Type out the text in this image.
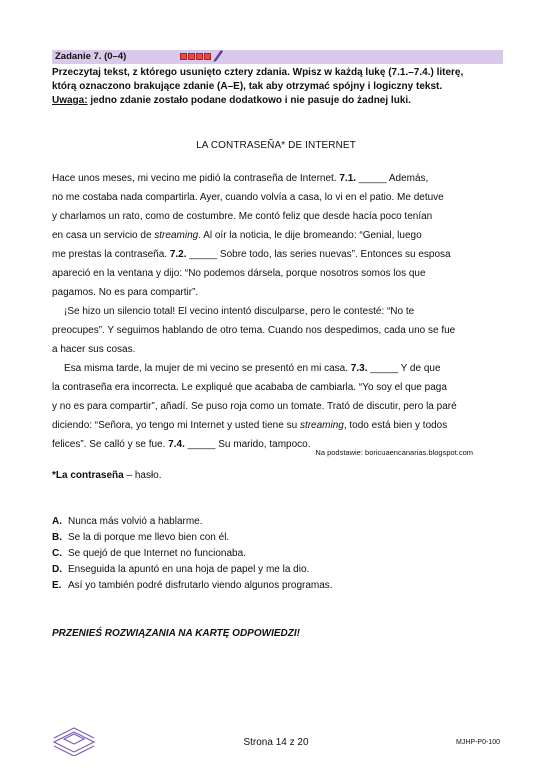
Zadanie 7. (0–4)
Przeczytaj tekst, z którego usunięto cztery zdania. Wpisz w każdą lukę (7.1.–7.4.) literę,
którą oznaczono brakujące zdanie (A–E), tak aby otrzymać spójny i logiczny tekst.
Uwaga: jedno zdanie zostało podane dodatkowo i nie pasuje do żadnej luki.
LA CONTRASEÑA* DE INTERNET
Hace unos meses, mi vecino me pidió la contraseña de Internet. 7.1. _____ Además,
no me costaba nada compartirla. Ayer, cuando volvía a casa, lo vi en el patio. Me detuve
y charlamos un rato, como de costumbre. Me contó feliz que desde hacía poco tenían
en casa un servicio de streaming. Al oír la noticia, le dije bromeando: “Genial, luego
me prestas la contraseña. 7.2. _____ Sobre todo, las series nuevas”. Entonces su esposa
apareció en la ventana y dijo: “No podemos dársela, porque nosotros somos los que
pagamos. No es para compartir”.
¡Se hizo un silencio total! El vecino intentó disculparse, pero le contesté: “No te
preocupes”. Y seguimos hablando de otro tema. Cuando nos despedimos, cada uno se fue
a hacer sus cosas.
Esa misma tarde, la mujer de mi vecino se presentó en mi casa. 7.3. _____ Y de que
la contraseña era incorrecta. Le expliqué que acababa de cambiarla. “Yo soy el que paga
y no es para compartir”, añadí. Se puso roja como un tomate. Trató de discutir, pero la paré
diciendo: “Señora, yo tengo mi Internet y usted tiene su streaming, todo está bien y todos
felices”. Se calló y se fue. 7.4. _____ Su marido, tampoco.
Na podstawie: boricuaencanarias.blogspot.com
*La contraseña – hasło.
A. Nunca más volvió a hablarme.
B. Se la di porque me llevo bien con él.
C. Se quejó de que Internet no funcionaba.
D. Enseguida la apuntó en una hoja de papel y me la dio.
E. Así yo también podré disfrutarlo viendo algunos programas.
PRZENIEŚ ROZWIĄZANIA NA KARTĘ ODPOWIEDZI!
Strona 14 z 20	MJHP-P0-100
